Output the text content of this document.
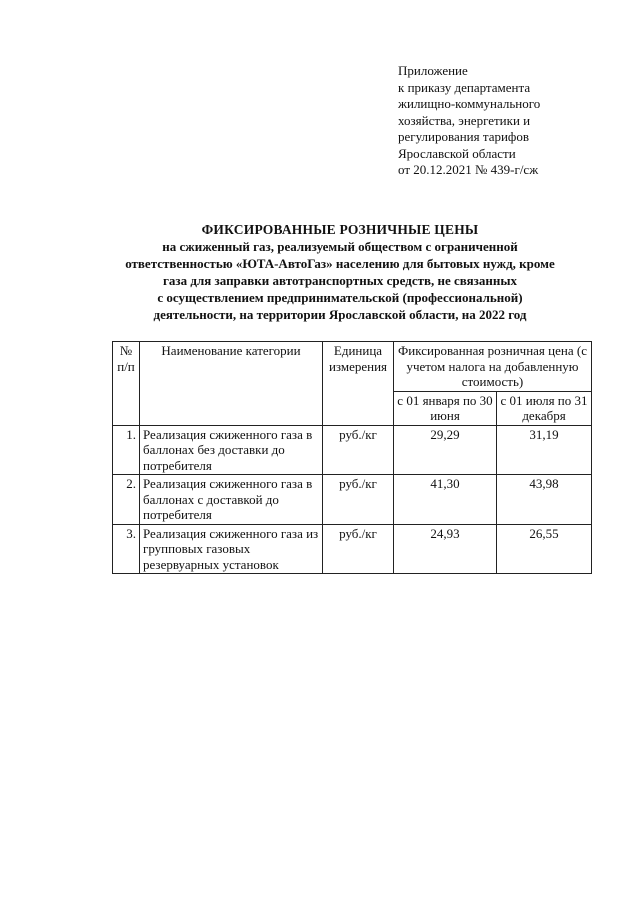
Приложение
к приказу департамента
жилищно-коммунального
хозяйства, энергетики и
регулирования тарифов
Ярославской области
от 20.12.2021 № 439-г/сж
ФИКСИРОВАННЫЕ РОЗНИЧНЫЕ ЦЕНЫ
на сжиженный газ, реализуемый обществом с ограниченной
ответственностью «ЮТА-АвтоГаз» населению для бытовых нужд, кроме
газа для заправки автотранспортных средств, не связанных
с осуществлением предпринимательской (профессиональной)
деятельности, на территории Ярославской области, на 2022 год
№ п/п	Наименование категории	Единица измерения	Фиксированная розничная цена (с учетом налога на добавленную стоимость)	
			с 01 января по 30 июня	с 01 июля по 31 декабря
1.	Реализация сжиженного газа в баллонах без доставки до потребителя	руб./кг	29,29	31,19
2.	Реализация сжиженного газа в баллонах с доставкой до потребителя	руб./кг	41,30	43,98
3.	Реализация сжиженного газа из групповых газовых резервуарных установок	руб./кг	24,93	26,55
